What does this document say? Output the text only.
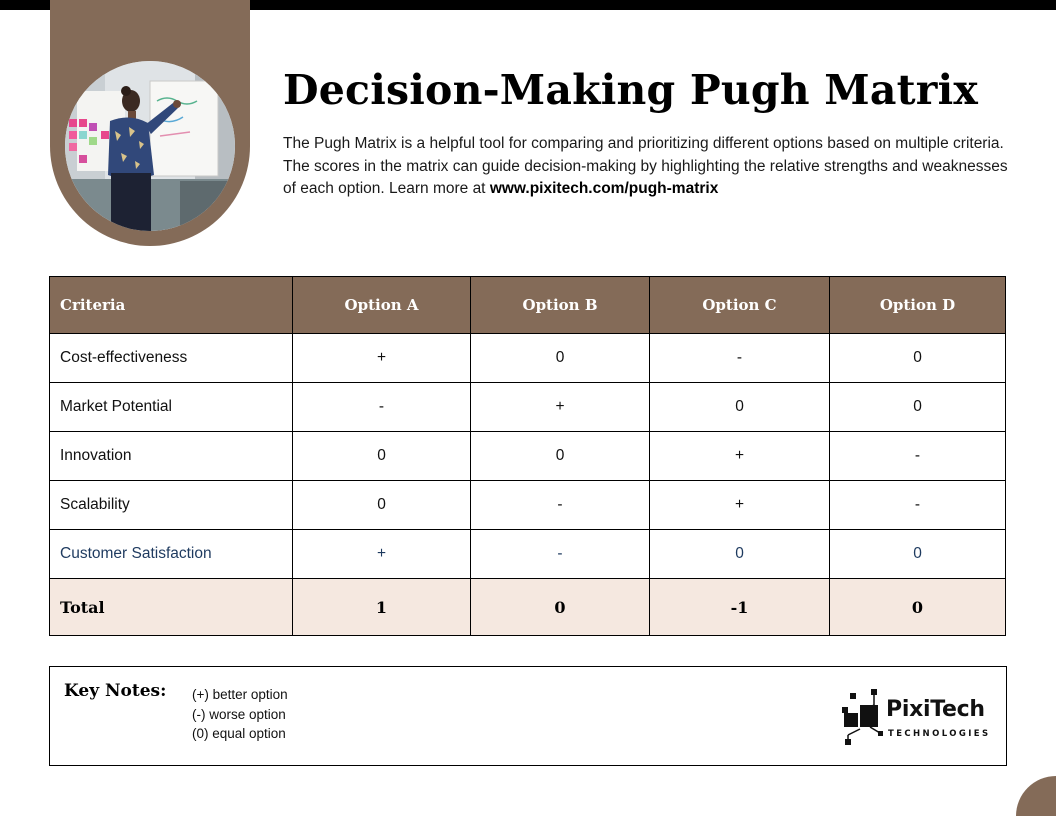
Decision-Making Pugh Matrix

The Pugh Matrix is a helpful tool for comparing and prioritizing different options based on multiple criteria. The scores in the matrix can guide decision-making by highlighting the relative strengths and weaknesses of each option. Learn more at www.pixitech.com/pugh-matrix

Criteria	Option A	Option B	Option C	Option D
Cost-effectiveness	+	0	-	0
Market Potential	-	+	0	0
Innovation	0	0	+	-
Scalability	0	-	+	-
Customer Satisfaction	+	-	0	0
Total	1	0	-1	0
Key Notes: (+) better option
(-) worse option
(0) equal option
PixiTech
TECHNOLOGIES
